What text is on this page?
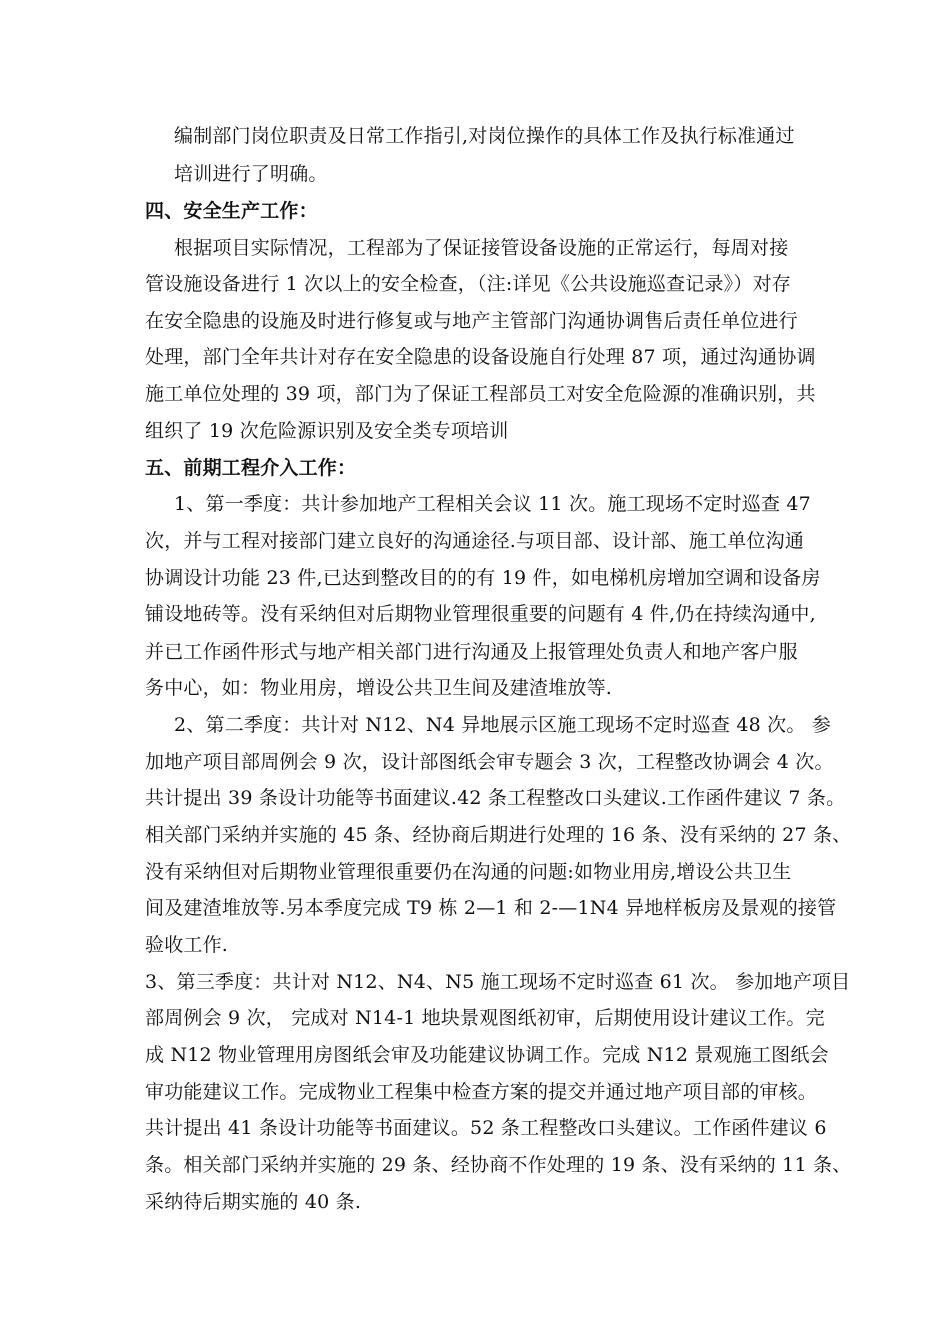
编制部门岗位职责及日常工作指引,对岗位操作的具体工作及执行标准通过
培训进行了明确。
四、安全生产工作：
根据项目实际情况，工程部为了保证接管设备设施的正常运行，每周对接
管设施设备进行 1 次以上的安全检查，（注:详见《公共设施巡查记录》）对存
在安全隐患的设施及时进行修复或与地产主管部门沟通协调售后责任单位进行
处理，部门全年共计对存在安全隐患的设备设施自行处理 87 项，通过沟通协调
施工单位处理的 39 项，部门为了保证工程部员工对安全危险源的准确识别，共
组织了 19 次危险源识别及安全类专项培训
五、前期工程介入工作：
1、第一季度：共计参加地产工程相关会议 11 次。施工现场不定时巡查 47
次，并与工程对接部门建立良好的沟通途径.与项目部、设计部、施工单位沟通
协调设计功能 23 件,已达到整改目的的有 19 件，如电梯机房增加空调和设备房
铺设地砖等。没有采纳但对后期物业管理很重要的问题有 4 件,仍在持续沟通中,
并已工作函件形式与地产相关部门进行沟通及上报管理处负责人和地产客户服
务中心，如：物业用房，增设公共卫生间及建渣堆放等.
2、第二季度：共计对 N12、N4 异地展示区施工现场不定时巡查 48 次。 参
加地产项目部周例会 9 次，设计部图纸会审专题会 3 次，工程整改协调会 4 次。
共计提出 39 条设计功能等书面建议.42 条工程整改口头建议.工作函件建议 7 条。
相关部门采纳并实施的 45 条、经协商后期进行处理的 16 条、没有采纳的 27 条、
没有采纳但对后期物业管理很重要仍在沟通的问题:如物业用房,增设公共卫生
间及建渣堆放等.另本季度完成 T9 栋 2—1 和 2-—1N4 异地样板房及景观的接管
验收工作.
3、第三季度：共计对 N12、N4、N5 施工现场不定时巡查 61 次。 参加地产项目
部周例会 9 次， 完成对 N14-1 地块景观图纸初审，后期使用设计建议工作。完
成 N12 物业管理用房图纸会审及功能建议协调工作。完成 N12 景观施工图纸会
审功能建议工作。完成物业工程集中检查方案的提交并通过地产项目部的审核。
共计提出 41 条设计功能等书面建议。52 条工程整改口头建议。工作函件建议 6
条。相关部门采纳并实施的 29 条、经协商不作处理的 19 条、没有采纳的 11 条、
采纳待后期实施的 40 条.
